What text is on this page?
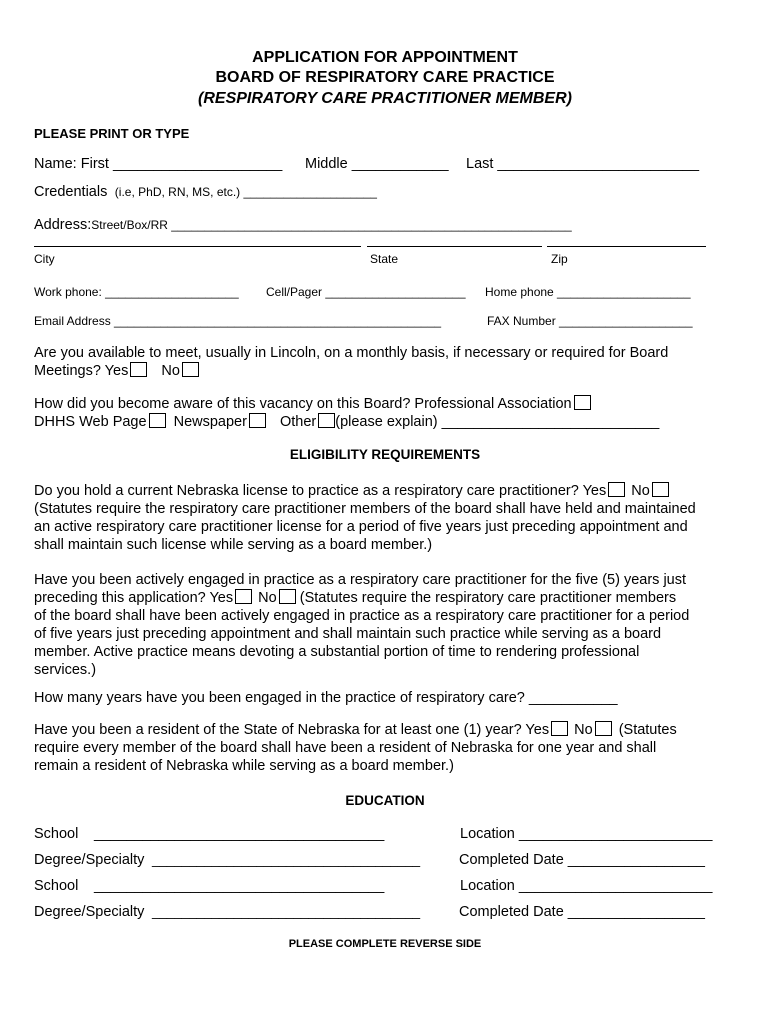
APPLICATION FOR APPOINTMENT
BOARD OF RESPIRATORY CARE PRACTICE
(RESPIRATORY CARE PRACTITIONER MEMBER)
PLEASE PRINT OR TYPE
Name: First _____________________ Middle ____________ Last _________________________
Credentials (i.e, PhD, RN, MS, etc.) ____________________
Address:Street/Box/RR ____________________________________________________________
City	State	Zip
Work phone: ____________________ Cell/Pager _____________________ Home phone ____________________
Email Address _________________________________________________	FAX Number ____________________
Are you available to meet, usually in Lincoln, on a monthly basis, if necessary or required for Board
Meetings? Yes No
How did you become aware of this vacancy on this Board? Professional Association
DHHS Web Page Newspaper Other (please explain) ___________________________
ELIGIBILITY REQUIREMENTS
Do you hold a current Nebraska license to practice as a respiratory care practitioner? Yes No
(Statutes require the respiratory care practitioner members of the board shall have held and maintained
an active respiratory care practitioner license for a period of five years just preceding appointment and
shall maintain such license while serving as a board member.)
Have you been actively engaged in practice as a respiratory care practitioner for the five (5) years just
preceding this application? Yes No (Statutes require the respiratory care practitioner members
of the board shall have been actively engaged in practice as a respiratory care practitioner for a period
of five years just preceding appointment and shall maintain such practice while serving as a board
member. Active practice means devoting a substantial portion of time to rendering professional
services.)
How many years have you been engaged in the practice of respiratory care? ___________
Have you been a resident of the State of Nebraska for at least one (1) year? Yes No (Statutes
require every member of the board shall have been a resident of Nebraska for one year and shall
remain a resident of Nebraska while serving as a board member.)
EDUCATION
School ____________________________________	Location ________________________
Degree/Specialty ____________________________________	Completed Date _________________
School ____________________________________	Location ________________________
Degree/Specialty ____________________________________	Completed Date _________________
PLEASE COMPLETE REVERSE SIDE
